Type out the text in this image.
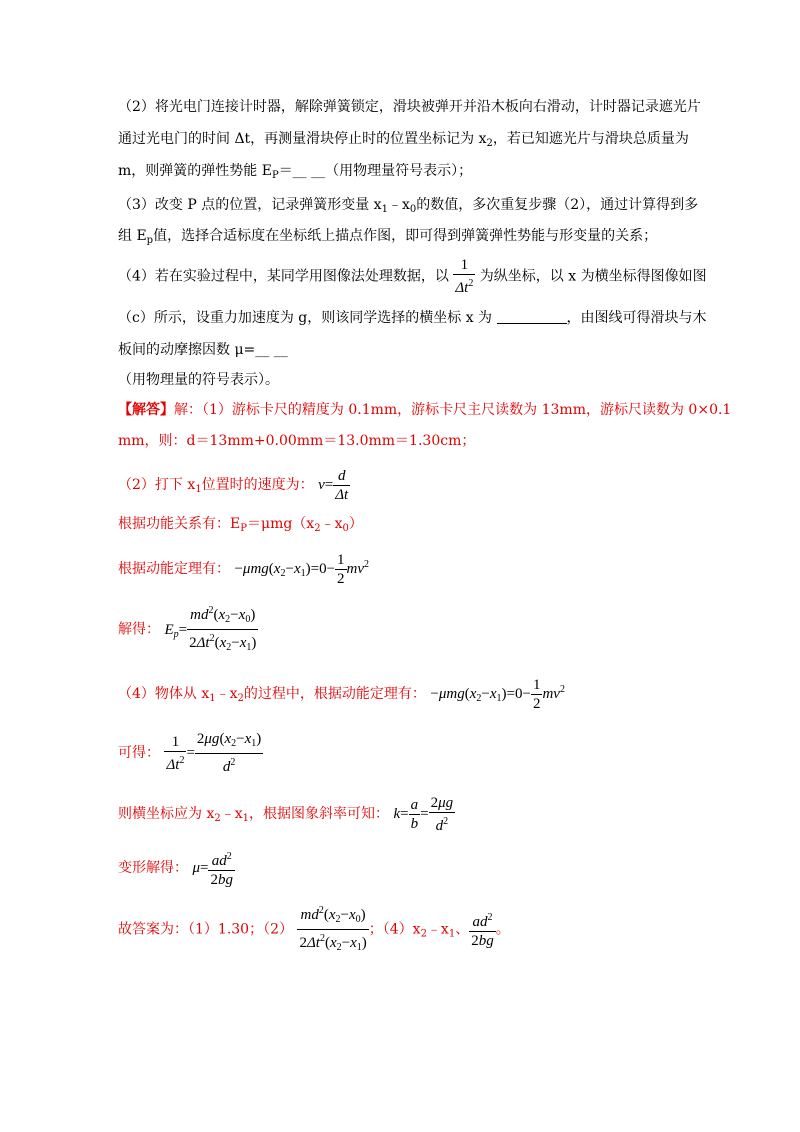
（2）将光电门连接计时器，解除弹簧锁定，滑块被弹开并沿木板向右滑动，计时器记录遮光片
通过光电门的时间 Δt，再测量滑块停止时的位置坐标记为 $x_2$，若已知遮光片与滑块总质量为
m，则弹簧的弹性势能 $E_P=\_\_$ __（用物理量符号表示）；
（3）改变 P 点的位置，记录弹簧形变量 $x_1﹣x_0$的数值，多次重复步骤（2），通过计算得到多
组 $E_p$值，选择合适标度在坐标纸上描点作图，即可得到弹簧弹性势能与形变量的关系；
（4）若在实验过程中，某同学用图像法处理数据，以 $\frac{1}{\Delta t^2}$ 为纵坐标，以 x 为横坐标得图像如图
（c）所示，设重力加速度为 g，则该同学选择的横坐标 x 为	，由图线可得滑块与木
板间的动摩擦因数 μ=__ __
（用物理量的符号表示）。
【解答】解：（1）游标卡尺的精度为 0.1mm，游标卡尺主尺读数为 13mm，游标尺读数为 0×0.1
mm，则：d＝13mm+0.00mm＝13.0mm＝1.30cm；
（2）打下 $x_1$位置时的速度为： $v= \frac{d}{\Delta t}$
根据功能关系有：$E_P=\mu mg(x_2﹣x_0)$
根据动能定理有： $-\mu mg(x_2-x_1)=0- \frac{1}{2} mv^2$
解得： $E_p= \frac{md^2(x_2-x_0)}{2\Delta t^2(x_2-x_1)}$
（4）物体从 $x_1﹣x_2$的过程中，根据动能定理有： $-\mu mg(x_2-x_1)=0- \frac{1}{2} mv^2$
可得： $\frac{1}{\Delta t^2} = \frac{2\mu g(x_2-x_1)}{d^2}$
则横坐标应为 $x_2﹣x_1$，根据图象斜率可知： $k= \frac{a}{b} = \frac{2\mu g}{d^2}$
变形解得： $\mu= \frac{ad^2}{2bg}$
故答案为：（1）1.30；$(2) \frac{md^2(x_2-x_0)}{2\Delta t^2(x_2-x_1)}$ ；$(4)x_2﹣x_1$、 $\frac{ad^2}{2bg}$ 。
